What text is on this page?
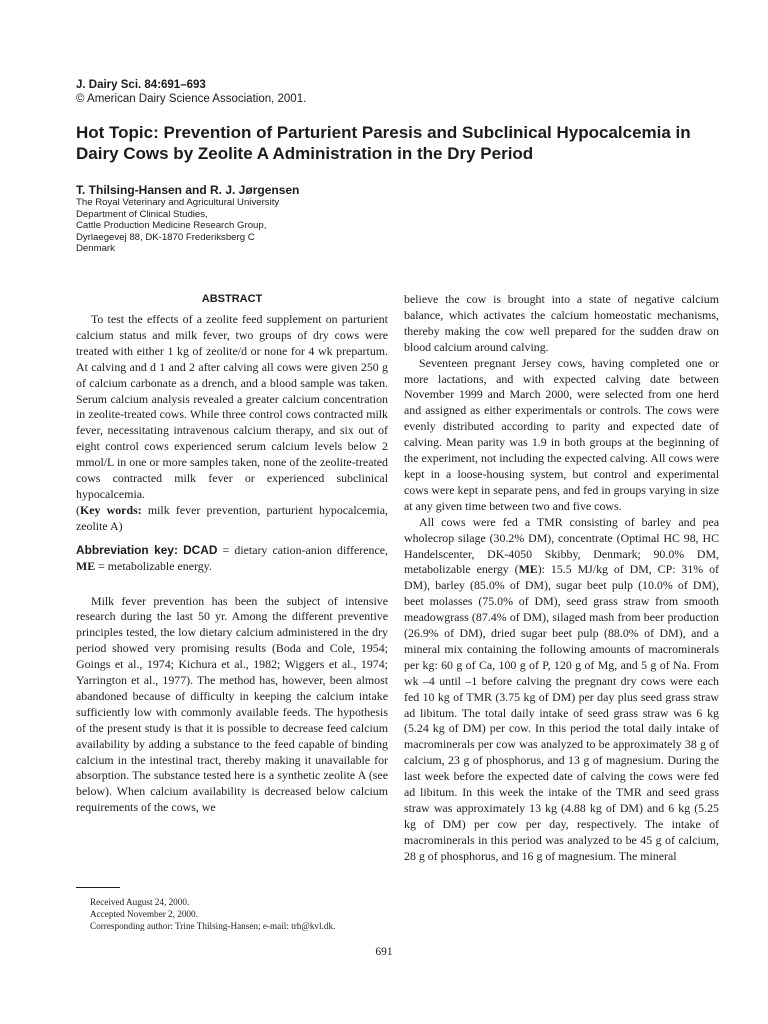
J. Dairy Sci. 84:691–693
© American Dairy Science Association, 2001.
Hot Topic: Prevention of Parturient Paresis and Subclinical Hypocalcemia in Dairy Cows by Zeolite A Administration in the Dry Period
T. Thilsing-Hansen and R. J. Jørgensen
The Royal Veterinary and Agricultural University
Department of Clinical Studies,
Cattle Production Medicine Research Group,
Dyrlaegevej 88, DK-1870 Frederiksberg C
Denmark
ABSTRACT

To test the effects of a zeolite feed supplement on parturient calcium status and milk fever, two groups of dry cows were treated with either 1 kg of zeolite/d or none for 4 wk prepartum. At calving and d 1 and 2 after calving all cows were given 250 g of calcium carbonate as a drench, and a blood sample was taken. Serum calcium analysis revealed a greater calcium concentration in zeolite-treated cows. While three control cows contracted milk fever, necessitating intravenous calcium therapy, and six out of eight control cows experienced serum calcium levels below 2 mmol/L in one or more samples taken, none of the zeolite-treated cows contracted milk fever or experienced subclinical hypocalcemia.

(Key words: milk fever prevention, parturient hypocalcemia, zeolite A)

Abbreviation key: DCAD = dietary cation-anion difference, ME = metabolizable energy.

Milk fever prevention has been the subject of intensive research during the last 50 yr. Among the different preventive principles tested, the low dietary calcium administered in the dry period showed very promising results (Boda and Cole, 1954; Goings et al., 1974; Kichura et al., 1982; Wiggers et al., 1974; Yarrington et al., 1977). The method has, however, been almost abandoned because of difficulty in keeping the calcium intake sufficiently low with commonly available feeds. The hypothesis of the present study is that it is possible to decrease feed calcium availability by adding a substance to the feed capable of binding calcium in the intestinal tract, thereby making it unavailable for absorption. The substance tested here is a synthetic zeolite A (see below). When calcium availability is decreased below calcium requirements of the cows, we

believe the cow is brought into a state of negative calcium balance, which activates the calcium homeostatic mechanisms, thereby making the cow well prepared for the sudden draw on blood calcium around calving.

Seventeen pregnant Jersey cows, having completed one or more lactations, and with expected calving date between November 1999 and March 2000, were selected from one herd and assigned as either experimentals or controls. The cows were evenly distributed according to parity and expected date of calving. Mean parity was 1.9 in both groups at the beginning of the experiment, not including the expected calving. All cows were kept in a loose-housing system, but control and experimental cows were kept in separate pens, and fed in groups varying in size at any given time between two and five cows.

All cows were fed a TMR consisting of barley and pea wholecrop silage (30.2% DM), concentrate (Optimal HC 98, HC Handelscenter, DK-4050 Skibby, Denmark; 90.0% DM, metabolizable energy (ME): 15.5 MJ/kg of DM, CP: 31% of DM), barley (85.0% of DM), sugar beet pulp (10.0% of DM), beet molasses (75.0% of DM), seed grass straw from smooth meadowgrass (87.4% of DM), silaged mash from beer production (26.9% of DM), dried sugar beet pulp (88.0% of DM), and a mineral mix containing the following amounts of macrominerals per kg: 60 g of Ca, 100 g of P, 120 g of Mg, and 5 g of Na. From wk –4 until –1 before calving the pregnant dry cows were each fed 10 kg of TMR (3.75 kg of DM) per day plus seed grass straw ad libitum. The total daily intake of seed grass straw was 6 kg (5.24 kg of DM) per cow. In this period the total daily intake of macrominerals per cow was analyzed to be approximately 38 g of calcium, 23 g of phosphorus, and 13 g of magnesium. During the last week before the expected date of calving the cows were fed ad libitum. In this week the intake of the TMR and seed grass straw was approximately 13 kg (4.88 kg of DM) and 6 kg (5.25 kg of DM) per cow per day, respectively. The intake of macrominerals in this period was analyzed to be 45 g of calcium, 28 g of phosphorus, and 16 g of magnesium. The mineral

Received August 24, 2000.
Accepted November 2, 2000.
Corresponding author: Trine Thilsing-Hansen; e-mail: trh@kvl.dk.
691
